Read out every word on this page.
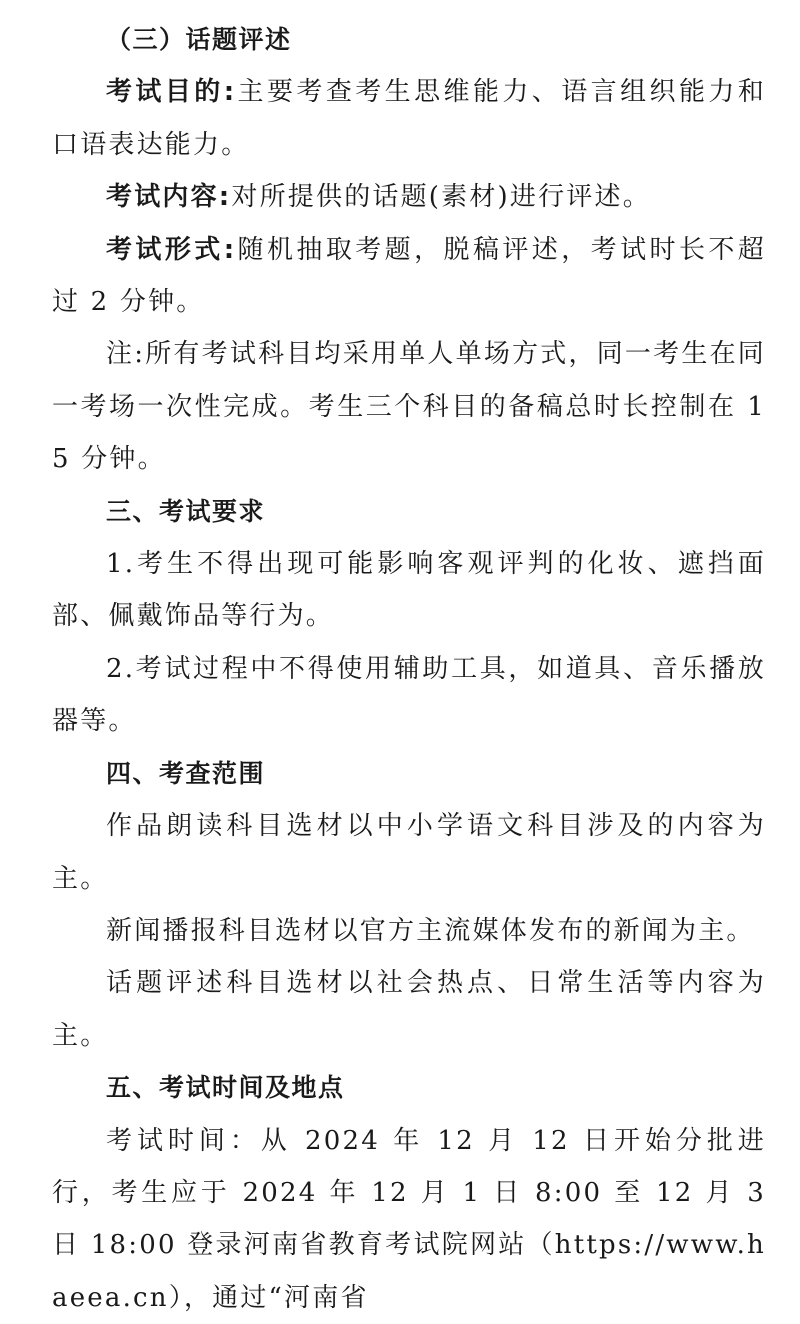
（三）话题评述

考试目的:主要考查考生思维能力、语言组织能力和口语表达能力。

考试内容:对所提供的话题(素材)进行评述。

考试形式:随机抽取考题，脱稿评述，考试时长不超过 2 分钟。

注:所有考试科目均采用单人单场方式，同一考生在同一考场一次性完成。考生三个科目的备稿总时长控制在 15 分钟。

三、考试要求

1.考生不得出现可能影响客观评判的化妆、遮挡面部、佩戴饰品等行为。

2.考试过程中不得使用辅助工具，如道具、音乐播放器等。

四、考查范围

作品朗读科目选材以中小学语文科目涉及的内容为主。

新闻播报科目选材以官方主流媒体发布的新闻为主。

话题评述科目选材以社会热点、日常生活等内容为主。

五、考试时间及地点

考试时间：从 2024 年 12 月 12 日开始分批进行，考生应于 2024 年 12 月 1 日 8:00 至 12 月 3 日 18:00 登录河南省教育考试院网站（https://www.haeea.cn），通过“河南省
